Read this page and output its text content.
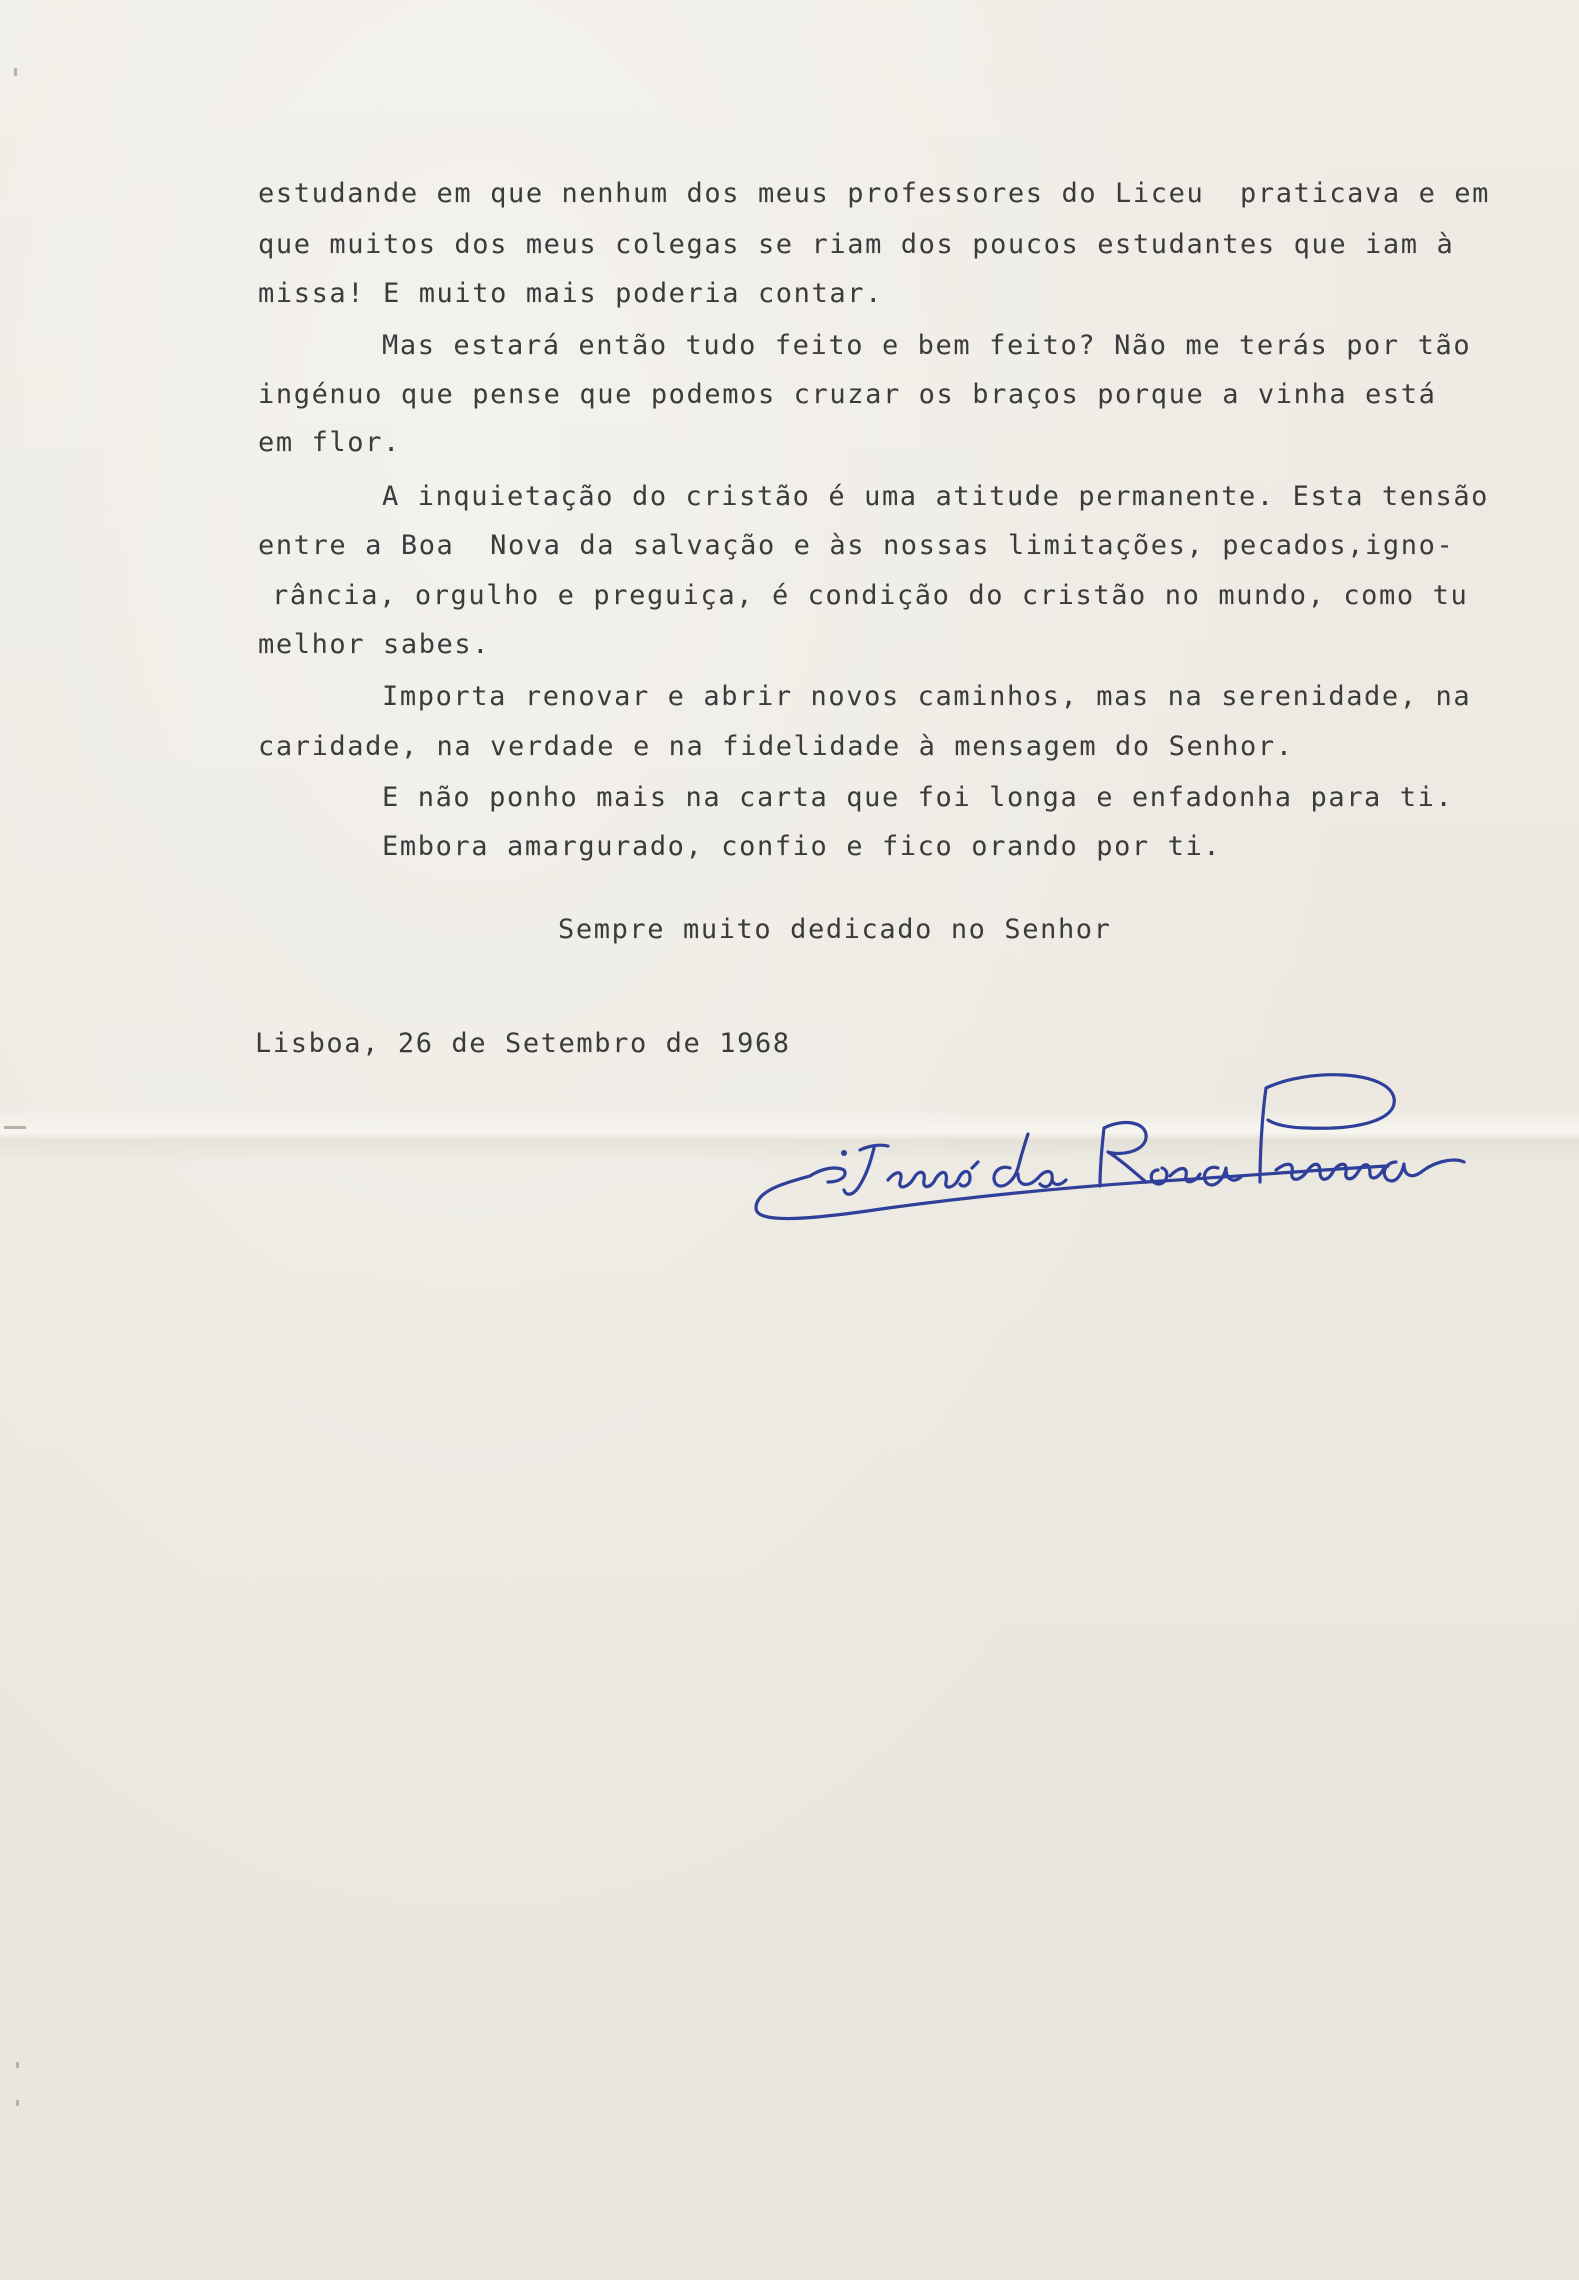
estudande em que nenhum dos meus professores do Liceu  praticava e em

que muitos dos meus colegas se riam dos poucos estudantes que iam à

missa! E muito mais poderia contar.

Mas estará então tudo feito e bem feito? Não me terás por tão

ingénuo que pense que podemos cruzar os braços porque a vinha está

em flor.

A inquietação do cristão é uma atitude permanente. Esta tensão

entre a Boa  Nova da salvação e às nossas limitações, pecados,igno-

rância, orgulho e preguiça, é condição do cristão no mundo, como tu

melhor sabes.

Importa renovar e abrir novos caminhos, mas na serenidade, na

caridade, na verdade e na fidelidade à mensagem do Senhor.

E não ponho mais na carta que foi longa e enfadonha para ti.

Embora amargurado, confio e fico orando por ti.

Sempre muito dedicado no Senhor

Lisboa, 26 de Setembro de 1968
